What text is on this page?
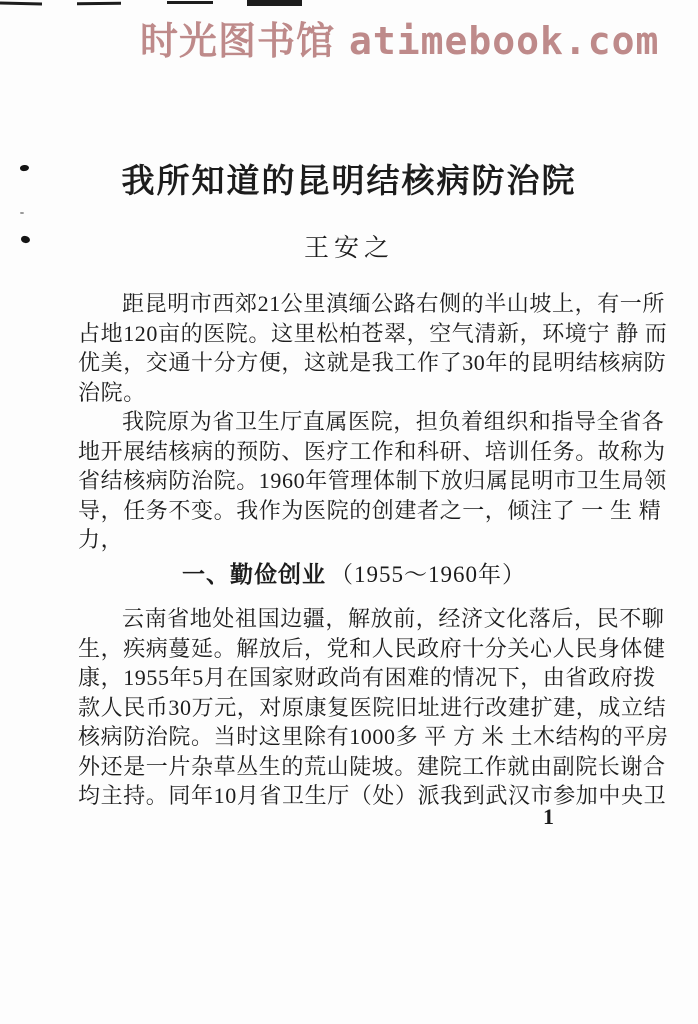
时光图书馆 atimebook.com
我所知道的昆明结核病防治院
王安之
距昆明市西郊21公里滇缅公路右侧的半山坡上，有一所
占地120亩的医院。这里松柏苍翠，空气清新，环境宁 静 而
优美，交通十分方便，这就是我工作了30年的昆明结核病防
治院。
我院原为省卫生厅直属医院，担负着组织和指导全省各
地开展结核病的预防、医疗工作和科研、培训任务。故称为
省结核病防治院。1960年管理体制下放归属昆明市卫生局领
导，任务不变。我作为医院的创建者之一，倾注了 一 生 精
力，
一、勤俭创业 （1955～1960年）
云南省地处祖国边疆，解放前，经济文化落后，民不聊
生，疾病蔓延。解放后，党和人民政府十分关心人民身体健
康，1955年5月在国家财政尚有困难的情况下，由省政府拨
款人民币30万元，对原康复医院旧址进行改建扩建，成立结
核病防治院。当时这里除有1000多 平 方 米 土木结构的平房
外还是一片杂草丛生的荒山陡坡。建院工作就由副院长谢合
均主持。同年10月省卫生厅（处）派我到武汉市参加中央卫
1
